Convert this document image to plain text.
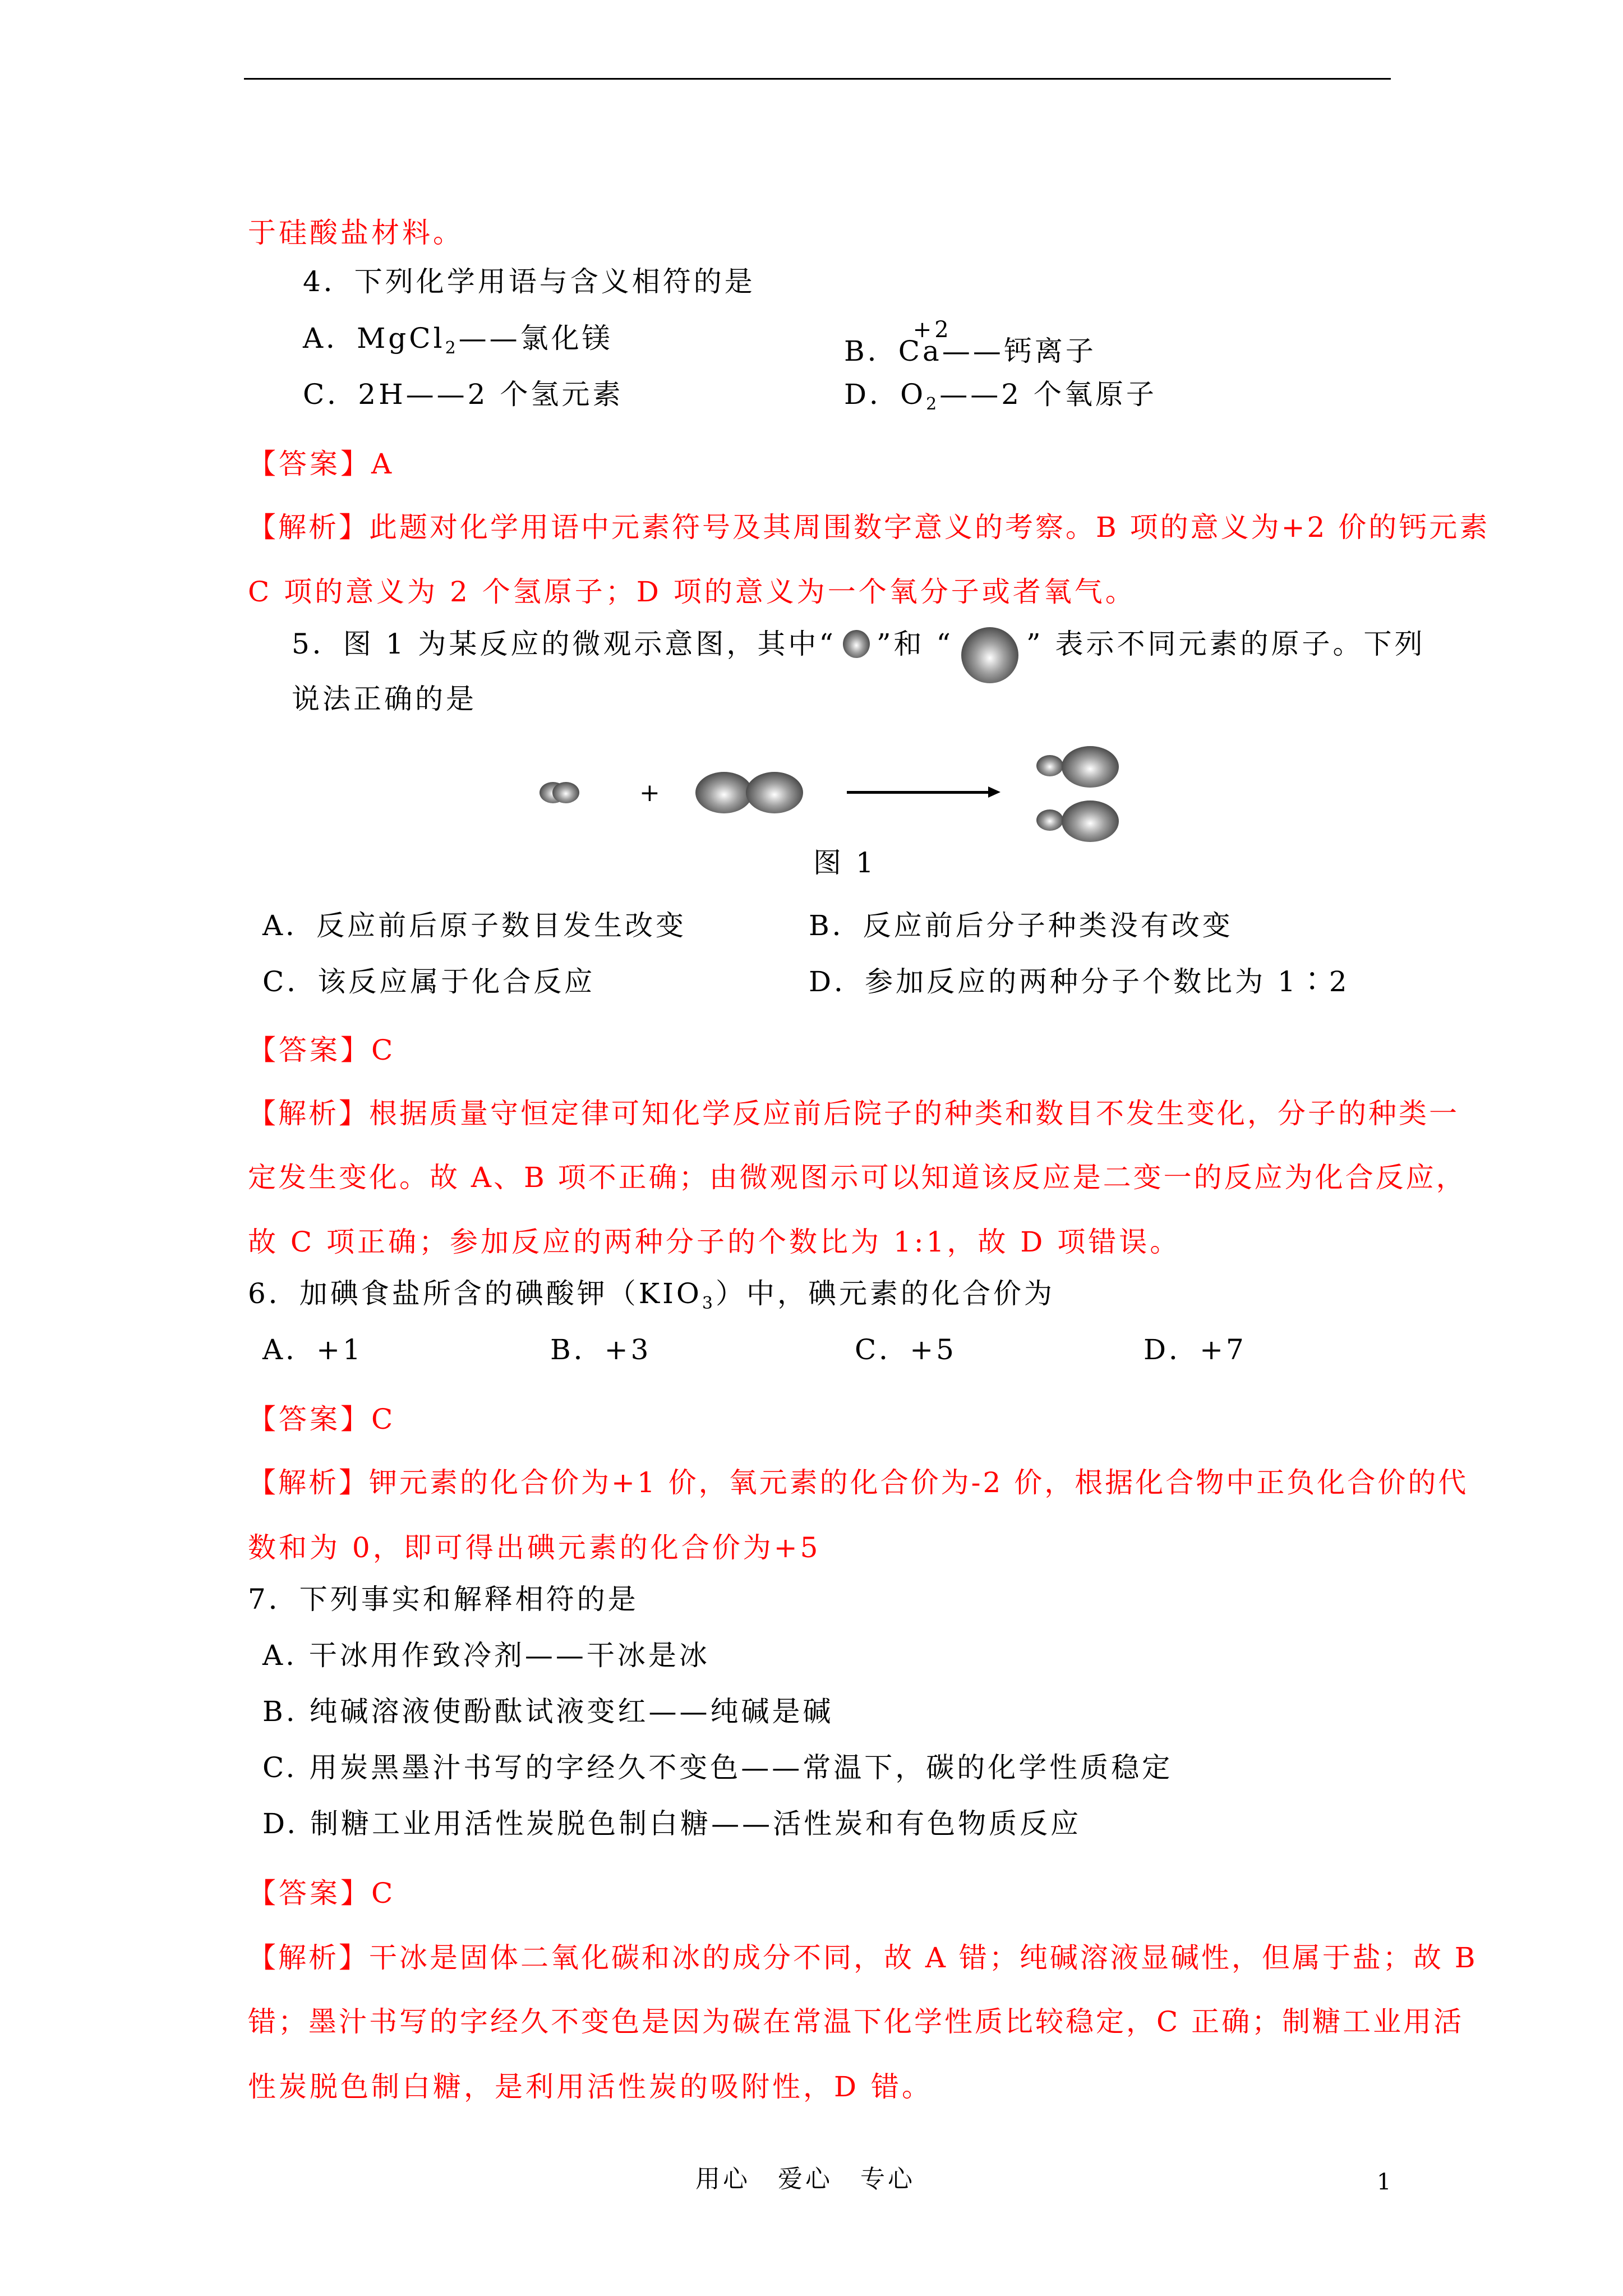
于硅酸盐材料。
4．下列化学用语与含义相符的是
A．MgCl$_2$——氯化镁	B．
+2
Ca——钙离子
C．2H——2 个氢元素	D．$O_2——2$ 个氧原子
【答案】A
【解析】此题对化学用语中元素符号及其周围数字意义的考察。B 项的意义为+2 价的钙元素
C 项的意义为 2 个氢原子；D 项的意义为一个氧分子或者氧气。
5．图 1 为某反应的微观示意图，其中“ ”和 “	” 表示不同元素的原子。下列
说法正确的是
+
图 1
A．反应前后原子数目发生改变	B．反应前后分子种类没有改变
C．该反应属于化合反应	D．参加反应的两种分子个数比为 1∶2
【答案】C
【解析】根据质量守恒定律可知化学反应前后院子的种类和数目不发生变化，分子的种类一
定发生变化。故 A、B 项不正确；由微观图示可以知道该反应是二变一的反应为化合反应，
故 C 项正确；参加反应的两种分子的个数比为 1:1，故 D 项错误。
6．加碘食盐所含的碘酸钾$(KIO_3)$中，碘元素的化合价为
A．+1	B．+3	C．+5	D．+7
【答案】C
【解析】钾元素的化合价为+1 价，氧元素的化合价为-2 价，根据化合物中正负化合价的代
数和为 0，即可得出碘元素的化合价为+5
7．下列事实和解释相符的是
A. 干冰用作致冷剂——干冰是冰
B. 纯碱溶液使酚酞试液变红——纯碱是碱
C. 用炭黑墨汁书写的字经久不变色——常温下，碳的化学性质稳定
D. 制糖工业用活性炭脱色制白糖——活性炭和有色物质反应
【答案】C
【解析】干冰是固体二氧化碳和冰的成分不同，故 A 错；纯碱溶液显碱性，但属于盐；故 B
错；墨汁书写的字经久不变色是因为碳在常温下化学性质比较稳定，C 正确；制糖工业用活
性炭脱色制白糖，是利用活性炭的吸附性，D 错。
用心　爱心　专心	1
